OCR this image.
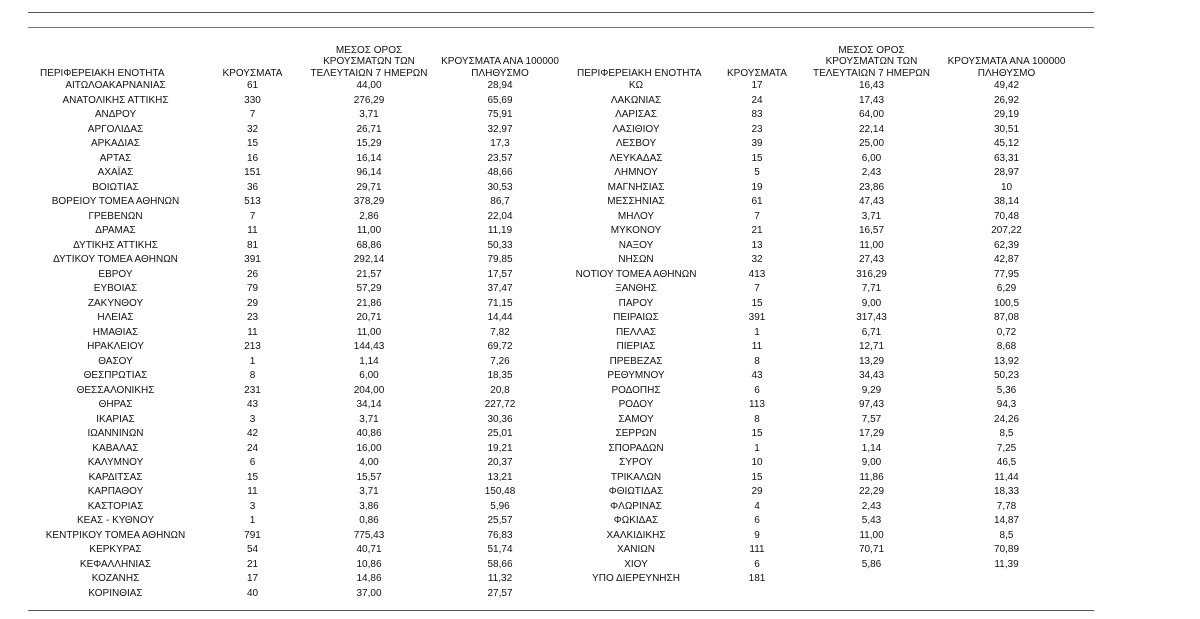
ΠΕΡΙΦΕΡΕΙΑΚΗ ΕΝΟΤΗΤΑ	ΚΡΟΥΣΜΑΤΑ	ΜΕΣΟΣ ΟΡΟΣ ΚΡΟΥΣΜΑΤΩΝ ΤΩΝ ΤΕΛΕΥΤΑΙΩΝ 7 ΗΜΕΡΩΝ	ΚΡΟΥΣΜΑΤΑ ΑΝΑ 100000 ΠΛΗΘΥΣΜΟ
ΑΙΤΩΛΟΑΚΑΡΝΑΝΙΑΣ	61	44,00	28,94
ΑΝΑΤΟΛΙΚΗΣ ΑΤΤΙΚΗΣ	330	276,29	65,69
ΑΝΔΡΟΥ	7	3,71	75,91
ΑΡΓΟΛΙΔΑΣ	32	26,71	32,97
ΑΡΚΑΔΙΑΣ	15	15,29	17,3
ΑΡΤΑΣ	16	16,14	23,57
ΑΧΑΪΑΣ	151	96,14	48,66
ΒΟΙΩΤΙΑΣ	36	29,71	30,53
ΒΟΡΕΙΟΥ ΤΟΜΕΑ ΑΘΗΝΩΝ	513	378,29	86,7
ΓΡΕΒΕΝΩΝ	7	2,86	22,04
ΔΡΑΜΑΣ	11	11,00	11,19
ΔΥΤΙΚΗΣ ΑΤΤΙΚΗΣ	81	68,86	50,33
ΔΥΤΙΚΟΥ ΤΟΜΕΑ ΑΘΗΝΩΝ	391	292,14	79,85
ΕΒΡΟΥ	26	21,57	17,57
ΕΥΒΟΙΑΣ	79	57,29	37,47
ΖΑΚΥΝΘΟΥ	29	21,86	71,15
ΗΛΕΙΑΣ	23	20,71	14,44
ΗΜΑΘΙΑΣ	11	11,00	7,82
ΗΡΑΚΛΕΙΟΥ	213	144,43	69,72
ΘΑΣΟΥ	1	1,14	7,26
ΘΕΣΠΡΩΤΙΑΣ	8	6,00	18,35
ΘΕΣΣΑΛΟΝΙΚΗΣ	231	204,00	20,8
ΘΗΡΑΣ	43	34,14	227,72
ΙΚΑΡΙΑΣ	3	3,71	30,36
ΙΩΑΝΝΙΝΩΝ	42	40,86	25,01
ΚΑΒΑΛΑΣ	24	16,00	19,21
ΚΑΛΥΜΝΟΥ	6	4,00	20,37
ΚΑΡΔΙΤΣΑΣ	15	15,57	13,21
ΚΑΡΠΑΘΟΥ	11	3,71	150,48
ΚΑΣΤΟΡΙΑΣ	3	3,86	5,96
ΚΕΑΣ - ΚΥΘΝΟΥ	1	0,86	25,57
ΚΕΝΤΡΙΚΟΥ ΤΟΜΕΑ ΑΘΗΝΩΝ	791	775,43	76,83
ΚΕΡΚΥΡΑΣ	54	40,71	51,74
ΚΕΦΑΛΛΗΝΙΑΣ	21	10,86	58,66
ΚΟΖΑΝΗΣ	17	14,86	11,32
ΚΟΡΙΝΘΙΑΣ	40	37,00	27,57
ΠΕΡΙΦΕΡΕΙΑΚΗ ΕΝΟΤΗΤΑ	ΚΡΟΥΣΜΑΤΑ	ΜΕΣΟΣ ΟΡΟΣ ΚΡΟΥΣΜΑΤΩΝ ΤΩΝ ΤΕΛΕΥΤΑΙΩΝ 7 ΗΜΕΡΩΝ	ΚΡΟΥΣΜΑΤΑ ΑΝΑ 100000 ΠΛΗΘΥΣΜΟ
ΚΩ	17	16,43	49,42
ΛΑΚΩΝΙΑΣ	24	17,43	26,92
ΛΑΡΙΣΑΣ	83	64,00	29,19
ΛΑΣΙΘΙΟΥ	23	22,14	30,51
ΛΕΣΒΟΥ	39	25,00	45,12
ΛΕΥΚΑΔΑΣ	15	6,00	63,31
ΛΗΜΝΟΥ	5	2,43	28,97
ΜΑΓΝΗΣΙΑΣ	19	23,86	10
ΜΕΣΣΗΝΙΑΣ	61	47,43	38,14
ΜΗΛΟΥ	7	3,71	70,48
ΜΥΚΟΝΟΥ	21	16,57	207,22
ΝΑΞΟΥ	13	11,00	62,39
ΝΗΣΩΝ	32	27,43	42,87
ΝΟΤΙΟΥ ΤΟΜΕΑ ΑΘΗΝΩΝ	413	316,29	77,95
ΞΑΝΘΗΣ	7	7,71	6,29
ΠΑΡΟΥ	15	9,00	100,5
ΠΕΙΡΑΙΩΣ	391	317,43	87,08
ΠΕΛΛΑΣ	1	6,71	0,72
ΠΙΕΡΙΑΣ	11	12,71	8,68
ΠΡΕΒΕΖΑΣ	8	13,29	13,92
ΡΕΘΥΜΝΟΥ	43	34,43	50,23
ΡΟΔΟΠΗΣ	6	9,29	5,36
ΡΟΔΟΥ	113	97,43	94,3
ΣΑΜΟΥ	8	7,57	24,26
ΣΕΡΡΩΝ	15	17,29	8,5
ΣΠΟΡΑΔΩΝ	1	1,14	7,25
ΣΥΡΟΥ	10	9,00	46,5
ΤΡΙΚΑΛΩΝ	15	11,86	11,44
ΦΘΙΩΤΙΔΑΣ	29	22,29	18,33
ΦΛΩΡΙΝΑΣ	4	2,43	7,78
ΦΩΚΙΔΑΣ	6	5,43	14,87
ΧΑΛΚΙΔΙΚΗΣ	9	11,00	8,5
ΧΑΝΙΩΝ	111	70,71	70,89
ΧΙΟΥ	6	5,86	11,39
ΥΠΟ ΔΙΕΡΕΥΝΗΣΗ	181		
